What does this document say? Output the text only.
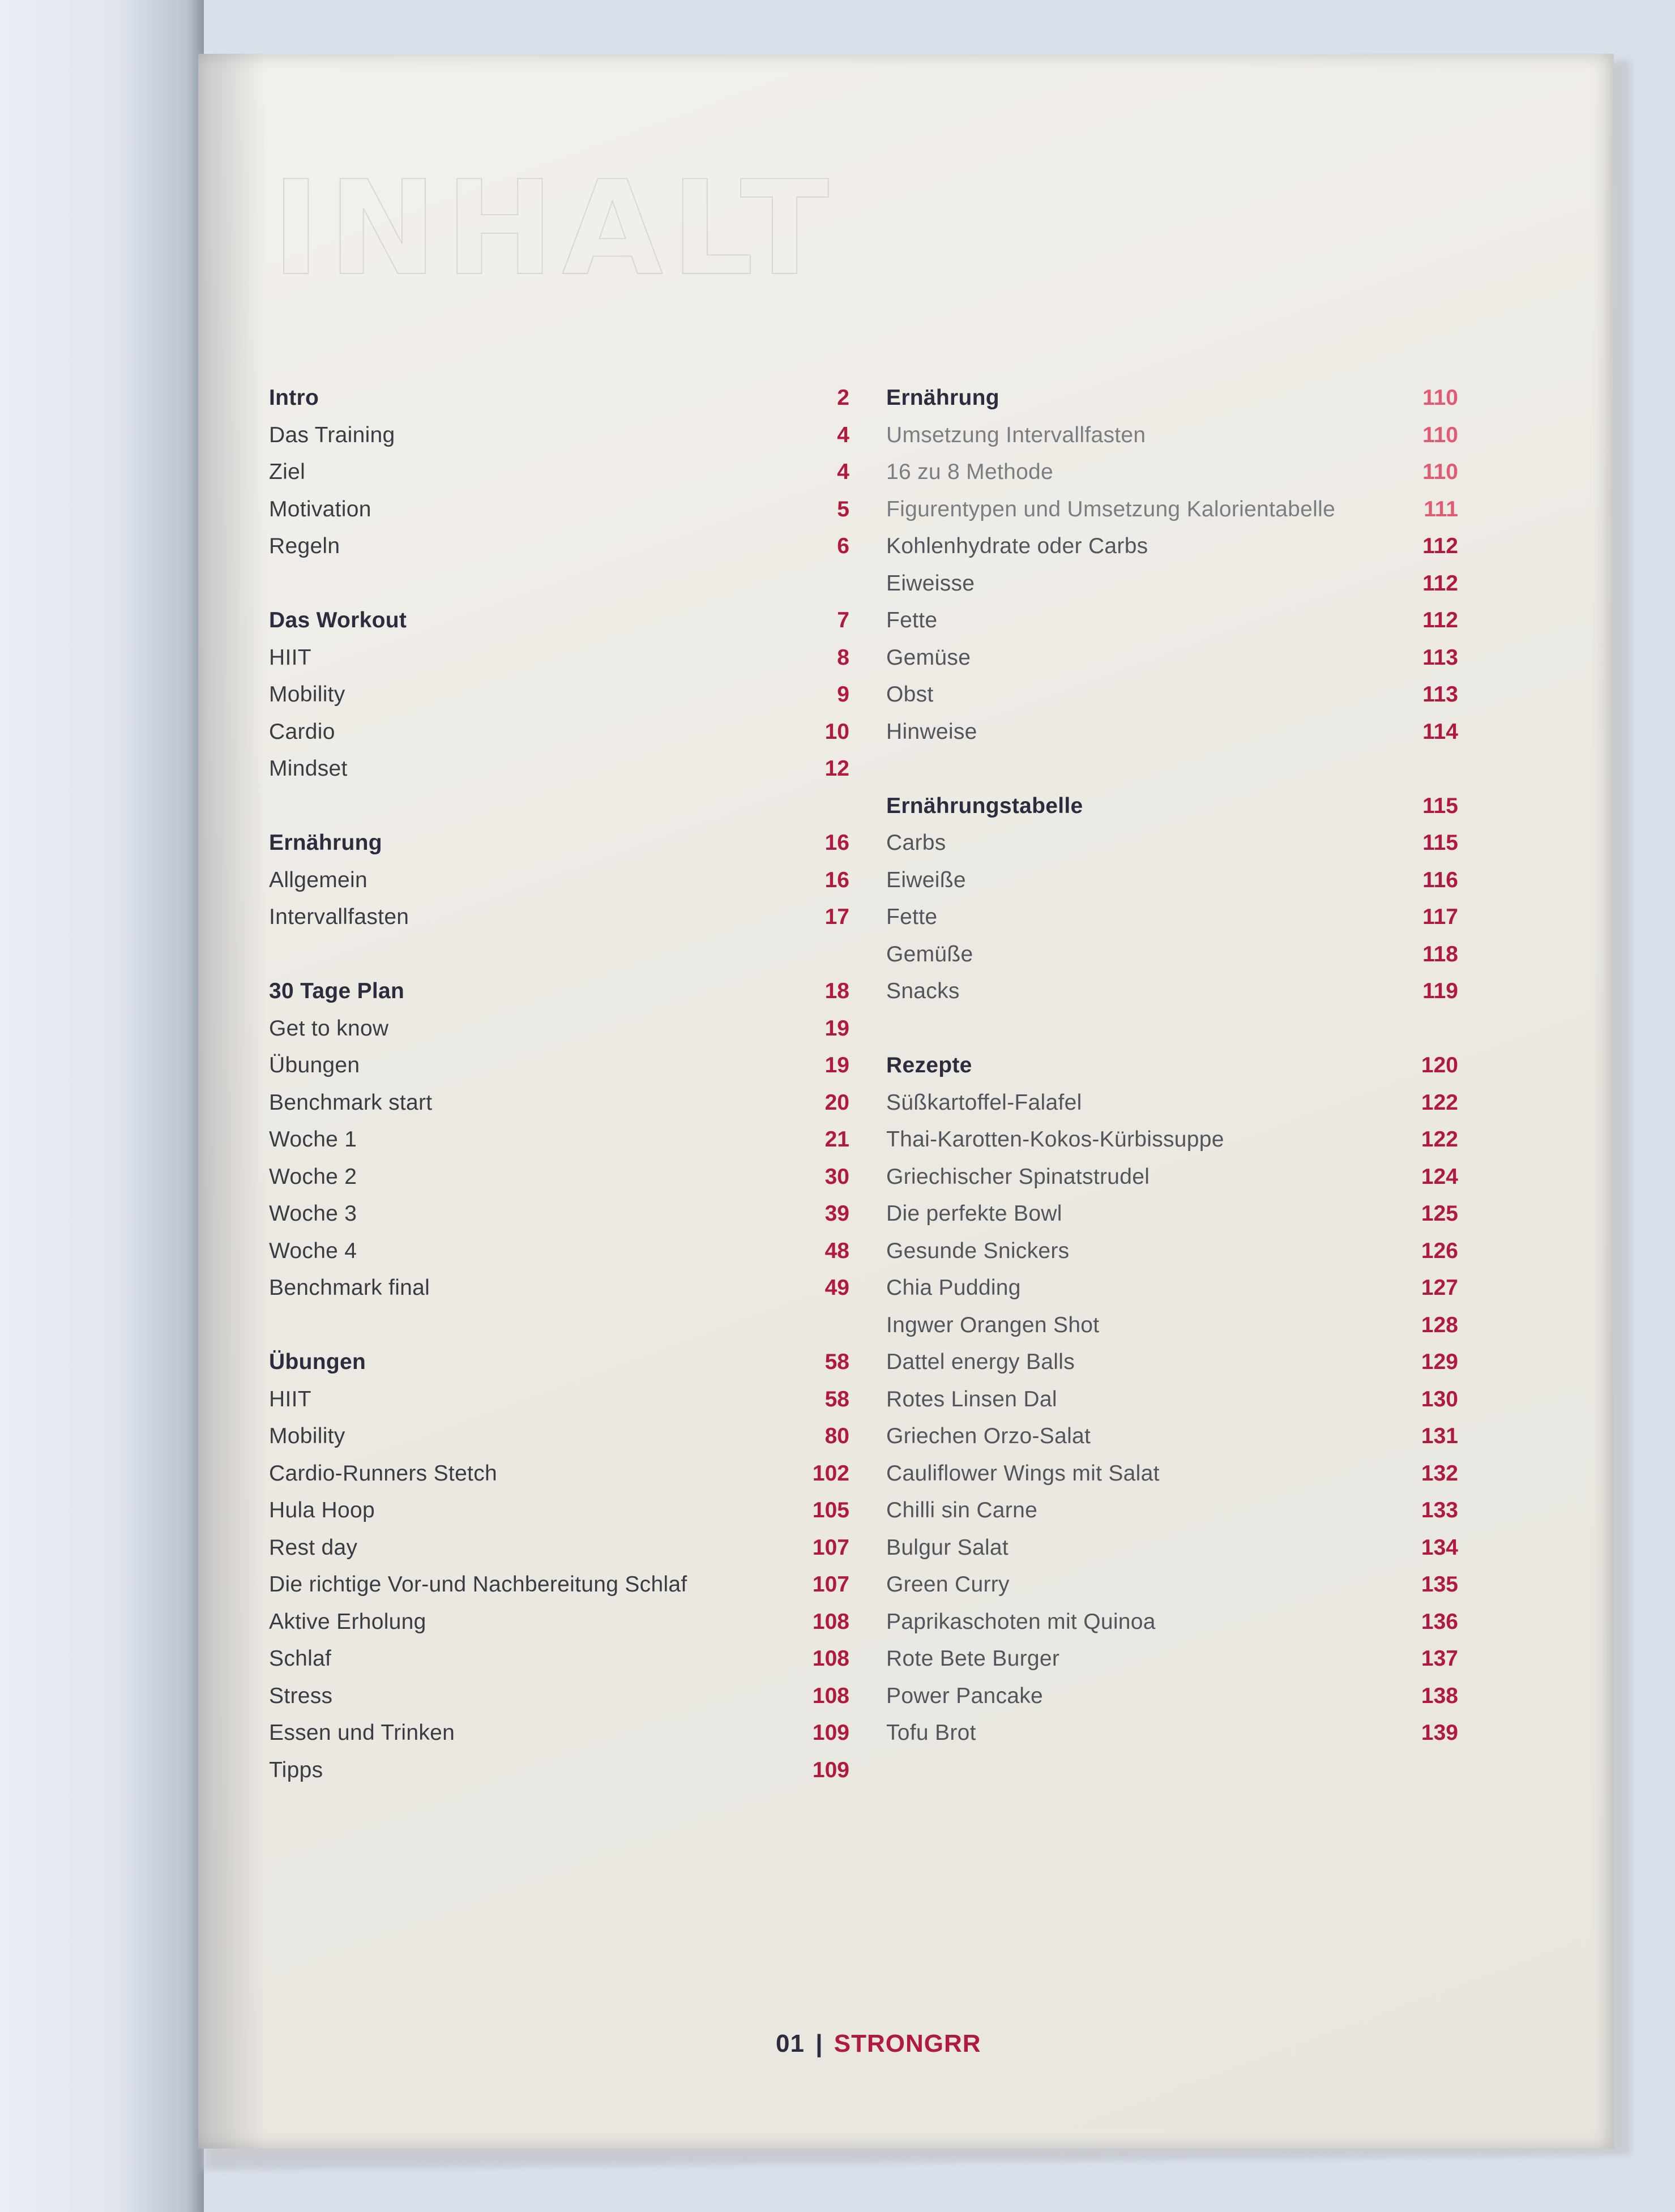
INHALT
Intro	2
Das Training	4
Ziel	4
Motivation	5
Regeln	6
Das Workout	7
HIIT	8
Mobility	9
Cardio	10
Mindset	12
Ernährung	16
Allgemein	16
Intervallfasten	17
30 Tage Plan	18
Get to know	19
Übungen	19
Benchmark start	20
Woche 1	21
Woche 2	30
Woche 3	39
Woche 4	48
Benchmark final	49
Übungen	58
HIIT	58
Mobility	80
Cardio-Runners Stetch	102
Hula Hoop	105
Rest day	107
Die richtige Vor-und Nachbereitung Schlaf	107
Aktive Erholung	108
Schlaf	108
Stress	108
Essen und Trinken	109
Tipps	109
Ernährung	110
Umsetzung Intervallfasten	110
16 zu 8 Methode	110
Figurentypen und Umsetzung Kalorientabelle	111
Kohlenhydrate oder Carbs	112
Eiweisse	112
Fette	112
Gemüse	113
Obst	113
Hinweise	114
Ernährungstabelle	115
Carbs	115
Eiweiße	116
Fette	117
Gemüße	118
Snacks	119
Rezepte	120
Süßkartoffel-Falafel	122
Thai-Karotten-Kokos-Kürbissuppe	122
Griechischer Spinatstrudel	124
Die perfekte Bowl	125
Gesunde Snickers	126
Chia Pudding	127
Ingwer Orangen Shot	128
Dattel energy Balls	129
Rotes Linsen Dal	130
Griechen Orzo-Salat	131
Cauliflower Wings mit Salat	132
Chilli sin Carne	133
Bulgur Salat	134
Green Curry	135
Paprikaschoten mit Quinoa	136
Rote Bete Burger	137
Power Pancake	138
Tofu Brot	139
01 | STRONGRR
